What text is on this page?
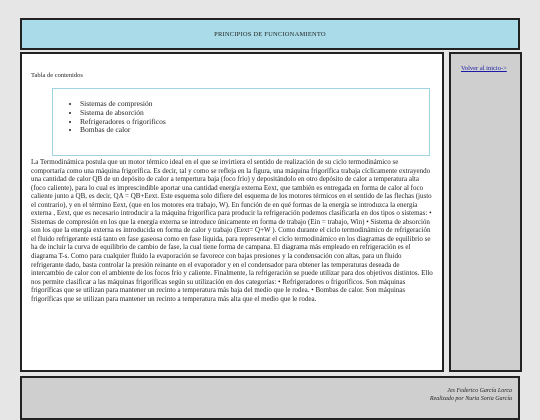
PRINCIPIOS DE FUNCIONAMIENTO
Tabla de contenidos
• Sistemas de compresión
• Sistema de absorción
• Refrigeradores o frigorificos
• Bombas de calor
La Termodinámica postula que un motor térmico ideal en el que se invirtiera el sentido de realización de su ciclo termodinámico se comportaría como una máquina frigorífica. Es decir, tal y como se refleja en la figura, una máquina frigorífica trabaja cíclicamente extrayendo una cantidad de calor QB de un depósito de calor a tempertura baja (foco frío) y depositándolo en otro depósito de calor a temperatura alta (foco caliente), para lo cual es imprescindible aportar una cantidad energía externa Eext, que también es entregada en forma de calor al foco caliente junto a QB, es decir, QA = QB+Eext. Este esquema solo difiere del esquema de los motores térmicos en el sentido de las flechas (justo el contrario), y en el término Eext, (que en los motores era trabajo, W). En función de en qué formas de la energía se introduzca la energía externa , Eext, que es necesario introducir a la máquina frigorífica para producir la refrigeración podemos clasificarla en dos tipos o sistemas: • Sistemas de compresión en los que la energía externa se introduce únicamente en forma de trabajo (Ein = trabajo, Win) • Sistema de absorción son los que la energía externa es introducida en forma de calor y trabajo (Eext= Q+W ). Como durante el ciclo termodinámico de refrigeración el fluido refrigerante está tanto en fase gaseosa como en fase líquida, para representar el ciclo termodinámico en los diagramas de equilibrio se ha de incluir la curva de equilibrio de cambio de fase, la cual tiene forma de campana. El diagrama más empleado en refrigeración es el diagrama T-s. Como para cualquier fluido la evaporación se favorece con bajas presiones y la condensación con altas, para un fluido refrigerante dado, basta controlar la presión reinante en el evaporador y en el condensador para obtener las temperaturas deseada de intercambio de calor con el ambiente de los focos frío y caliente. Finalmente, la refrigeración se puede utilizar para dos objetivos distintos. Ello nos permite clasificar a las máquinas frigoríficas según su utilización en dos categorías: • Refrigeradores o frigoríficos. Son máquinas frigoríficas que se utilizan para mantener un recinto a temperatura más baja del medio que le rodea. • Bombas de calor. Son máquinas frigoríficas que se utilizan para mantener un recinto a temperatura más alta que el medio que le rodea.
Volver al inicio->
Jes Federico García Lorca
Realizado por Nuria Soria García
